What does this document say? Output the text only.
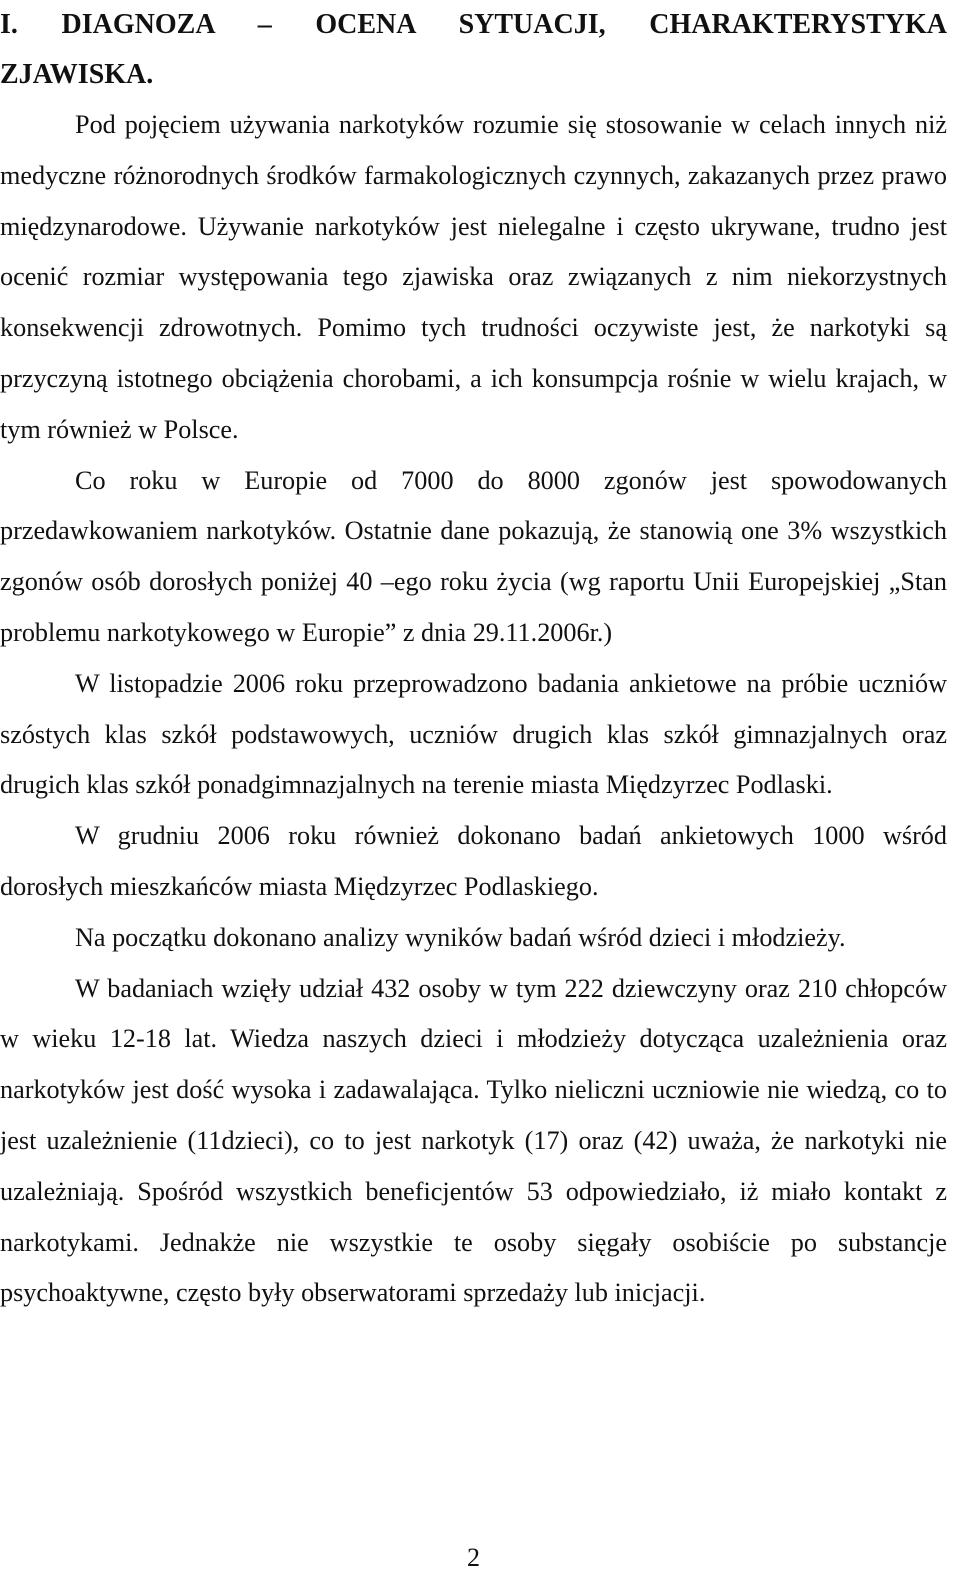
I. DIAGNOZA – OCENA SYTUACJI, CHARAKTERYSTYKA ZJAWISKA.

Pod pojęciem używania narkotyków rozumie się stosowanie w celach innych niż medyczne różnorodnych środków farmakologicznych czynnych, zakazanych przez prawo międzynarodowe. Używanie narkotyków jest nielegalne i często ukrywane, trudno jest ocenić rozmiar występowania tego zjawiska oraz związanych z nim niekorzystnych konsekwencji zdrowotnych. Pomimo tych trudności oczywiste jest, że narkotyki są przyczyną istotnego obciążenia chorobami, a ich konsumpcja rośnie w wielu krajach, w tym również w Polsce.

Co roku w Europie od 7000 do 8000 zgonów jest spowodowanych przedawkowaniem narkotyków. Ostatnie dane pokazują, że stanowią one 3% wszystkich zgonów osób dorosłych poniżej 40 –ego roku życia (wg raportu Unii Europejskiej „Stan problemu narkotykowego w Europie” z dnia 29.11.2006r.)

W listopadzie 2006 roku przeprowadzono badania ankietowe na próbie uczniów szóstych klas szkół podstawowych, uczniów drugich klas szkół gimnazjalnych oraz drugich klas szkół ponadgimnazjalnych na terenie miasta Międzyrzec Podlaski.

W grudniu 2006 roku również dokonano badań ankietowych 1000 wśród dorosłych mieszkańców miasta Międzyrzec Podlaskiego.

Na początku dokonano analizy wyników badań wśród dzieci i młodzieży.

W badaniach wzięły udział 432 osoby w tym 222 dziewczyny oraz 210 chłopców w wieku 12-18 lat. Wiedza naszych dzieci i młodzieży dotycząca uzależnienia oraz narkotyków jest dość wysoka i zadawalająca. Tylko nieliczni uczniowie nie wiedzą, co to jest uzależnienie (11dzieci), co to jest narkotyk (17) oraz (42) uważa, że narkotyki nie uzależniają. Spośród wszystkich beneficjentów 53 odpowiedziało, iż miało kontakt z narkotykami. Jednakże nie wszystkie te osoby sięgały osobiście po substancje psychoaktywne, często były obserwatorami sprzedaży lub inicjacji.

2
